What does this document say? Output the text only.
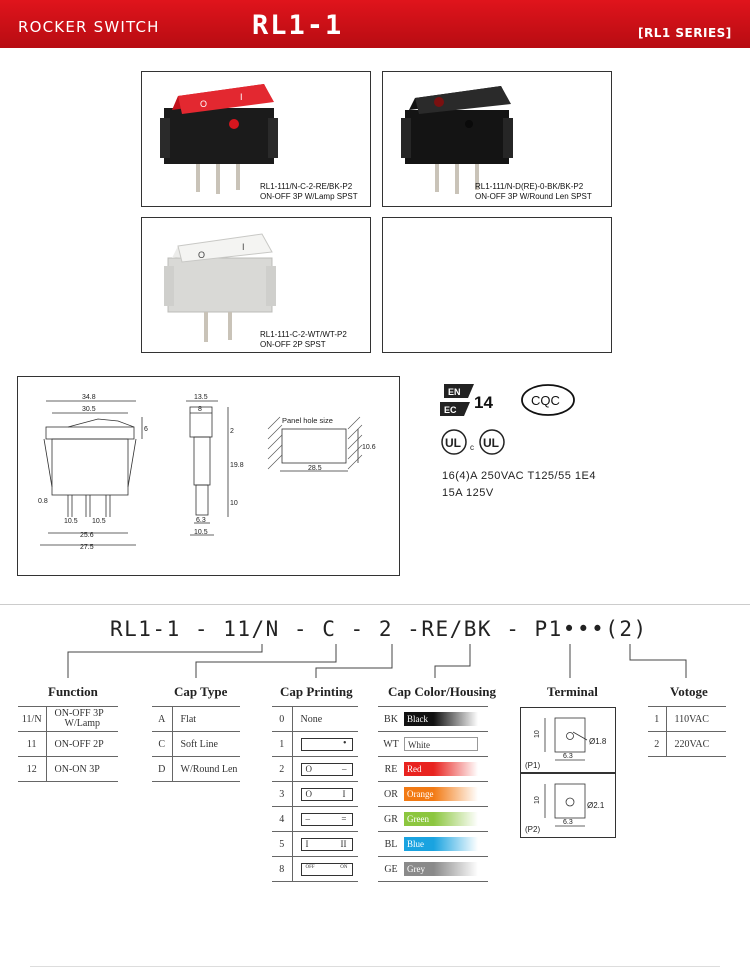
ROCKER SWITCH	RL1-1	[RL1 SERIES]
O
I
RL1-111/N-C-2-RE/BK-P2
ON-OFF 3P W/Lamp SPST
RL1-111/N-D(RE)-0-BK/BK-P2
ON-OFF 3P W/Round Len SPST
O
I
RL1-111-C-2-WT/WT-P2
ON-OFF 2P SPST
34.8
30.5
6
0.8
10.5 10.5
25.6
27.5
13.5
8
2
19.8
10
6.3
10.5
28.5
10.6
Panel hole size
EN
EC 14	CQC
UL c UL
16(4)A 250VAC T125/55 1E4
15A 125V
RL1-1 - 11/N - C - 2 -RE/BK - P1•••(2)
Function	Cap Type	Cap Printing	Cap Color/Housing	Terminal	Votoge
11/N	ON-OFF 3P
W/Lamp
11	ON-OFF 2P
12	ON-ON 3P
A	Flat
C	Soft Line
D	W/Round Len
0	None
1	•

2	O –

3	O I

4	– =

5	I II

8	OFF ON
BK	Black
WT	White
RE	Red
OR	Orange
GR	Green
BL	Blue
GE	Grey
10
Ø1.8
6.3
(P1)
10
Ø2.1
6.3
(P2)
1	110VAC
2	220VAC
